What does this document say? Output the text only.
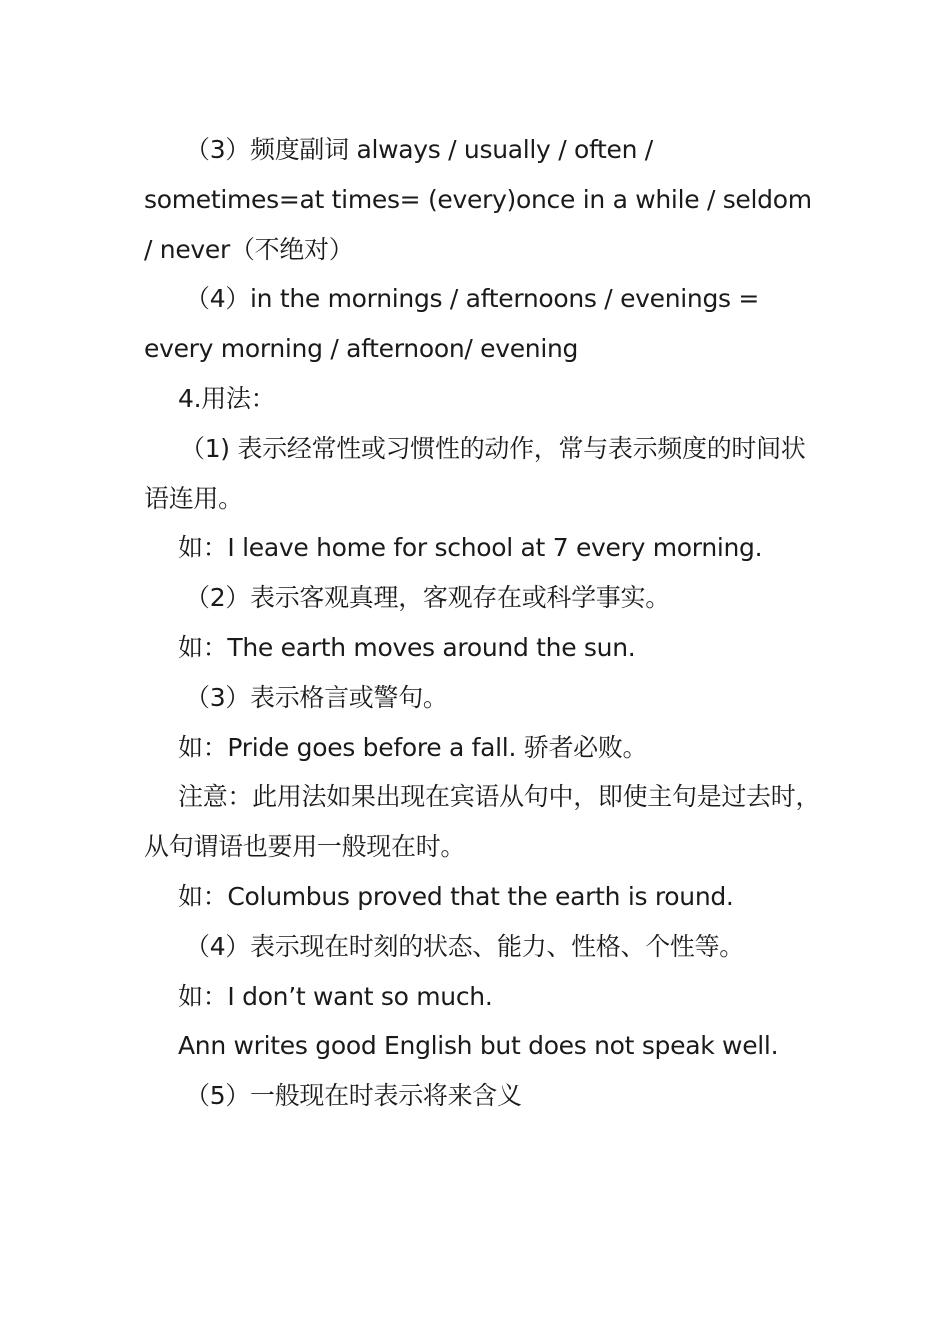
（3）频度副词 always / usually / often /
sometimes=at times= (every)once in a while / seldom
/ never（不绝对）
（4）in the mornings / afternoons / evenings =
every morning / afternoon/ evening
4.用法：
（1) 表示经常性或习惯性的动作，常与表示频度的时间状
语连用。
如：I leave home for school at 7 every morning.
（2）表示客观真理，客观存在或科学事实。
如：The earth moves around the sun.
（3）表示格言或警句。
如：Pride goes before a fall. 骄者必败。
注意：此用法如果出现在宾语从句中，即使主句是过去时，
从句谓语也要用一般现在时。
如：Columbus proved that the earth is round.
（4）表示现在时刻的状态、能力、性格、个性等。
如：I don’t want so much.
Ann writes good English but does not speak well.
（5）一般现在时表示将来含义
